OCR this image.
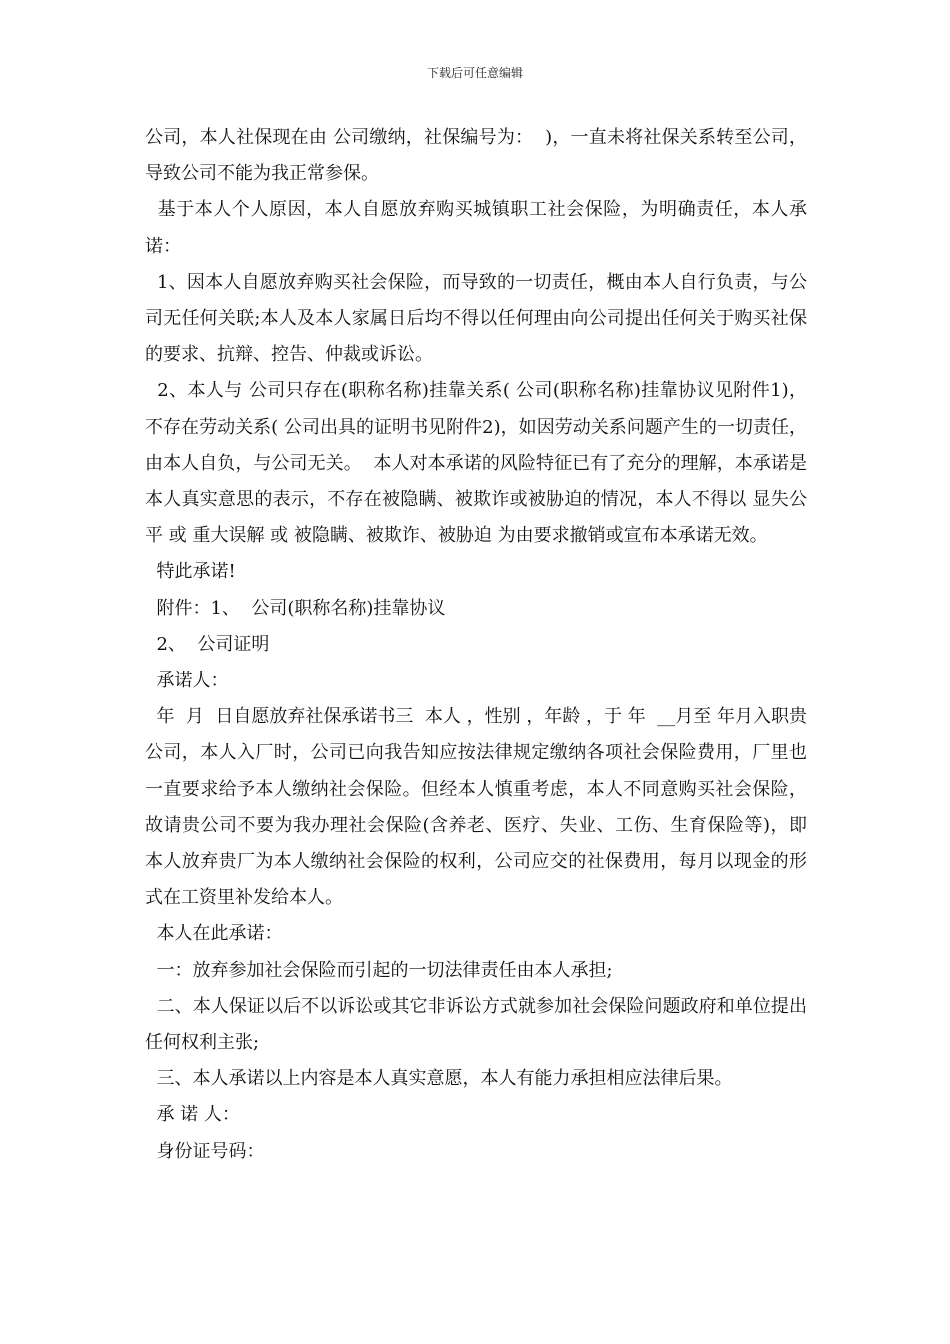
下载后可任意编辑

公司，本人社保现在由 公司缴纳，社保编号为：  )，一直未将社保关系转至公司，导致公司不能为我正常参保。

基于本人个人原因，本人自愿放弃购买城镇职工社会保险，为明确责任，本人承诺：

1、因本人自愿放弃购买社会保险，而导致的一切责任，概由本人自行负责，与公司无任何关联;本人及本人家属日后均不得以任何理由向公司提出任何关于购买社保的要求、抗辩、控告、仲裁或诉讼。

2、本人与 公司只存在(职称名称)挂靠关系( 公司(职称名称)挂靠协议见附件1)，不存在劳动关系( 公司出具的证明书见附件2)，如因劳动关系问题产生的一切责任，由本人自负，与公司无关。  本人对本承诺的风险特征已有了充分的理解，本承诺是本人真实意思的表示，不存在被隐瞒、被欺诈或被胁迫的情况，本人不得以 显失公平 或 重大误解 或 被隐瞒、被欺诈、被胁迫 为由要求撤销或宣布本承诺无效。

特此承诺!

附件：1、  公司(职称名称)挂靠协议

2、  公司证明

承诺人：

年  月  日自愿放弃社保承诺书三  本人 ，性别 ，年龄 ，于 年  __月至 年月入职贵公司，本人入厂时，公司已向我告知应按法律规定缴纳各项社会保险费用，厂里也一直要求给予本人缴纳社会保险。但经本人慎重考虑，本人不同意购买社会保险，故请贵公司不要为我办理社会保险(含养老、医疗、失业、工伤、生育保险等)，即本人放弃贵厂为本人缴纳社会保险的权利，公司应交的社保费用，每月以现金的形式在工资里补发给本人。

本人在此承诺：

一：放弃参加社会保险而引起的一切法律责任由本人承担;

二、本人保证以后不以诉讼或其它非诉讼方式就参加社会保险问题政府和单位提出任何权利主张;

三、本人承诺以上内容是本人真实意愿，本人有能力承担相应法律后果。

承 诺 人：

身份证号码：
